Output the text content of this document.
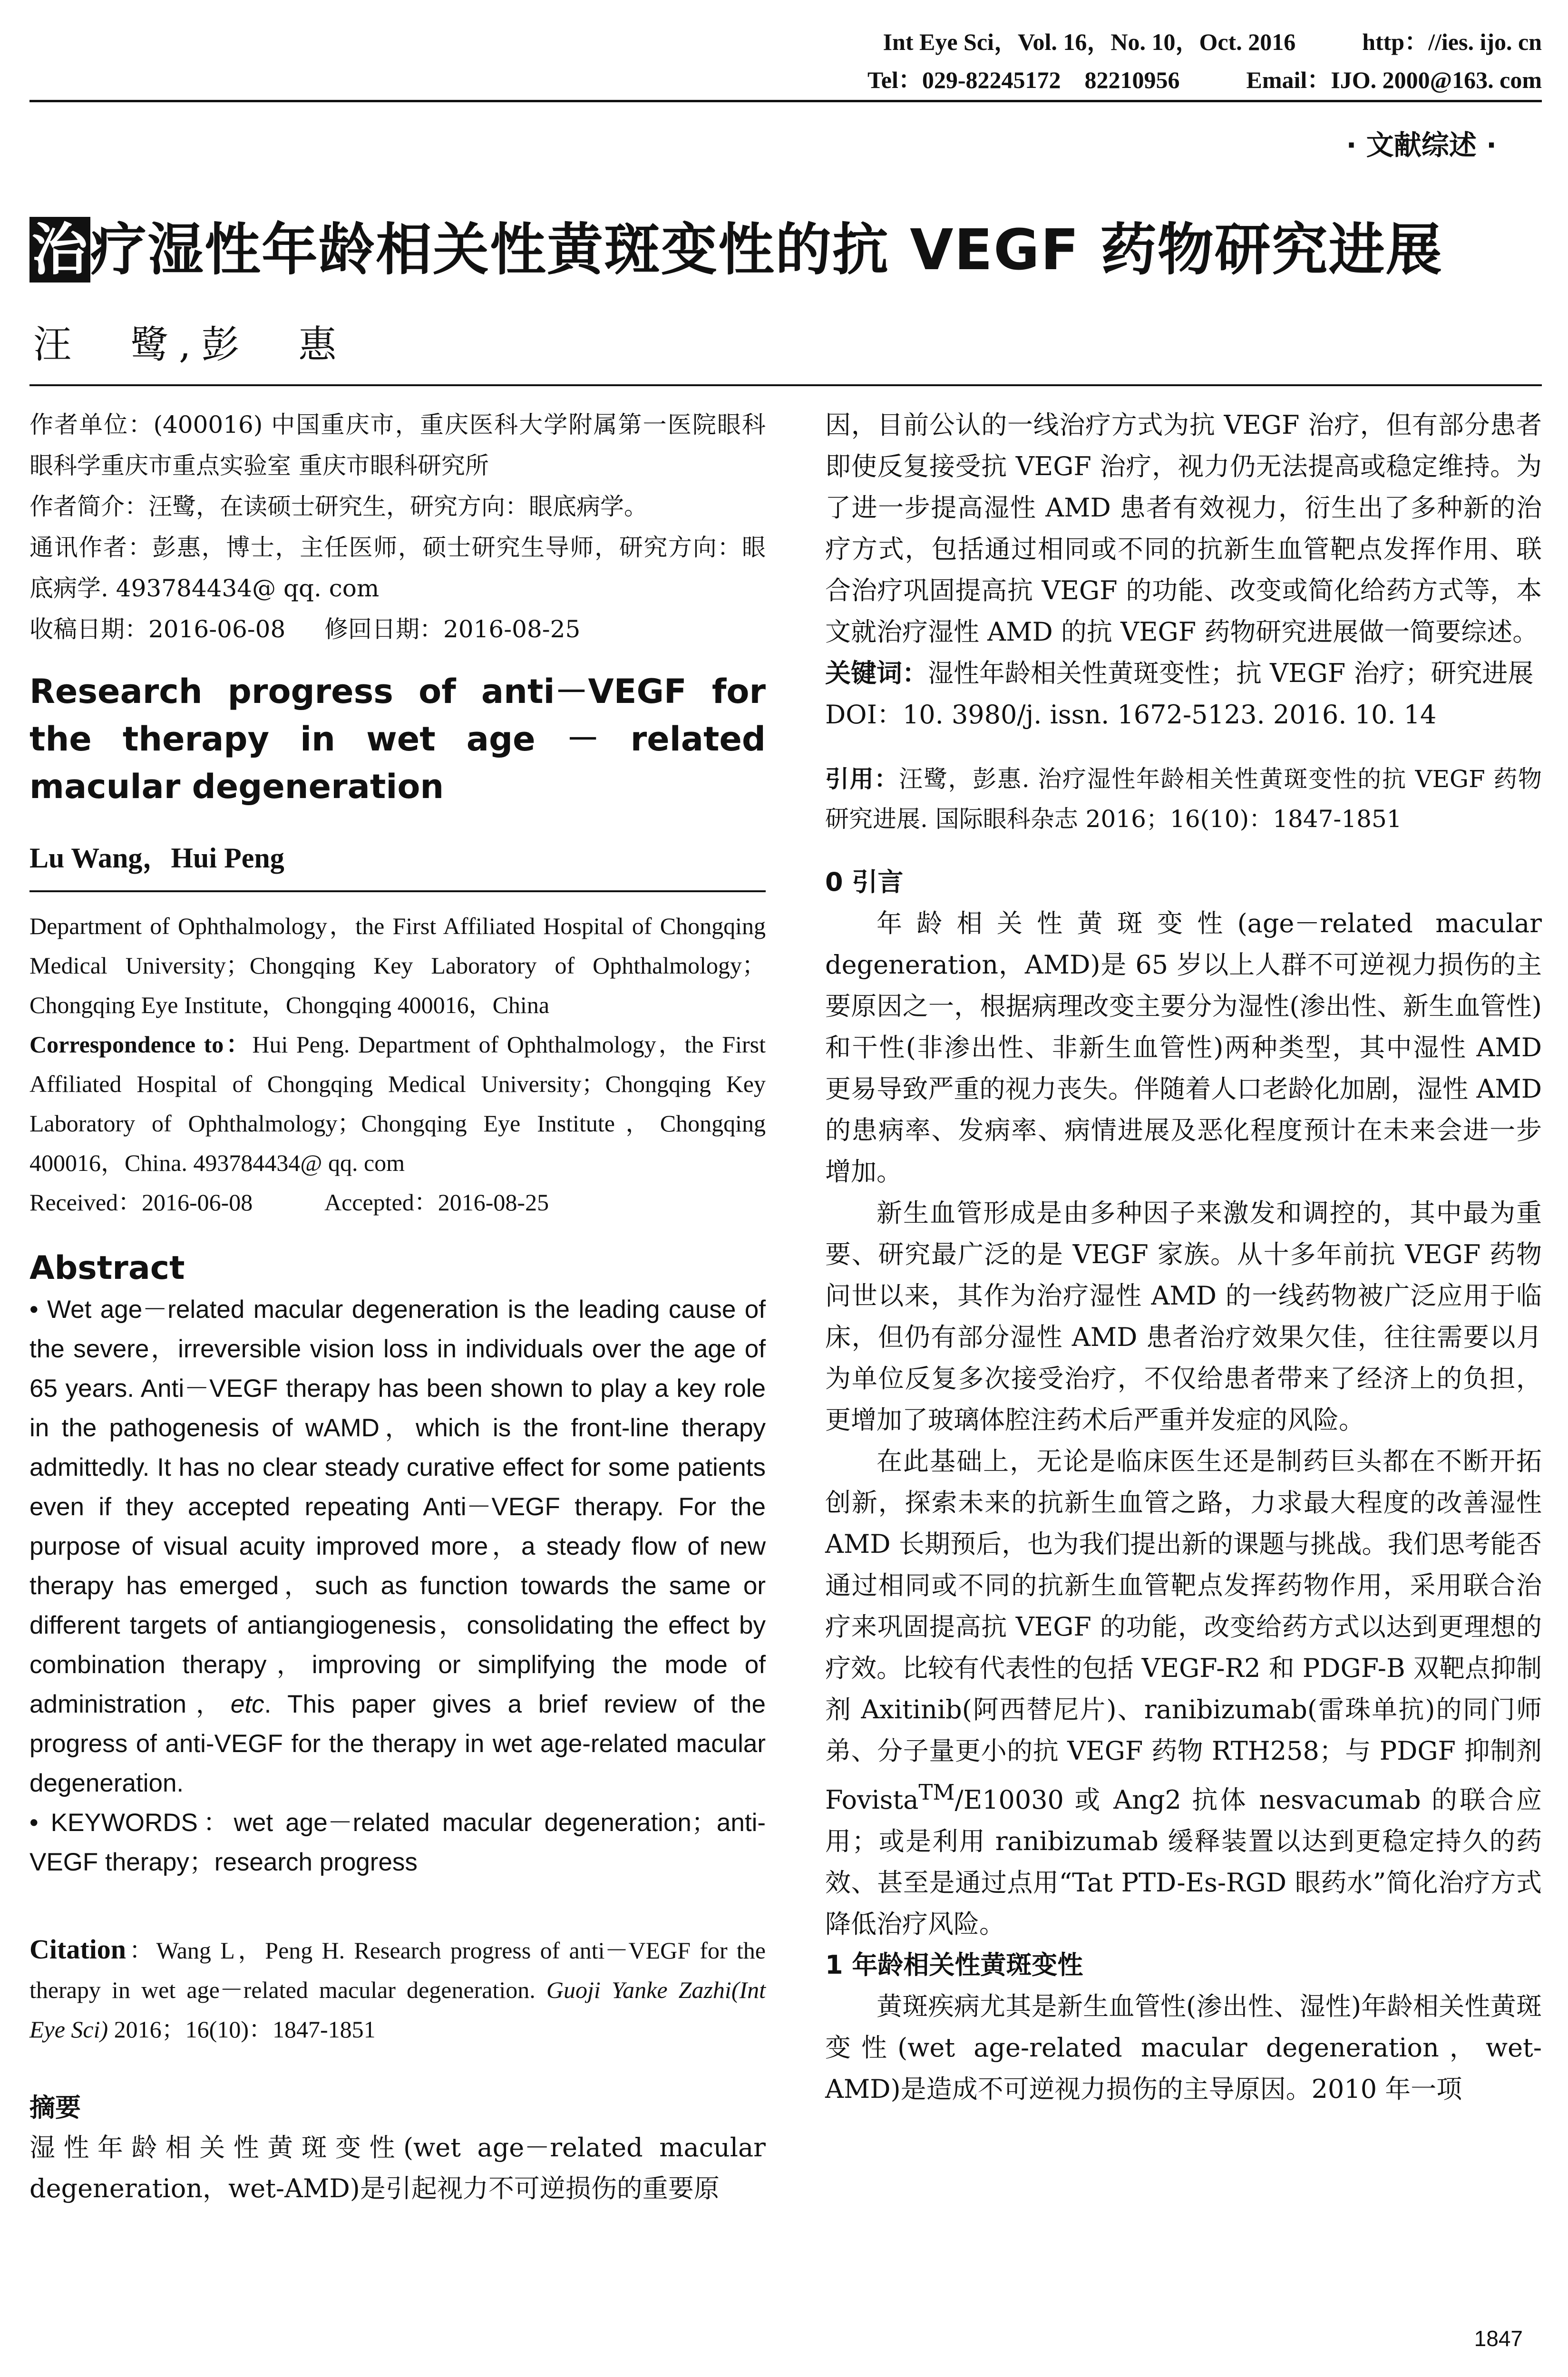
Int Eye Sci，Vol. 16，No. 10，Oct. 2016	http：//ies. ijo. cn
Tel：029-82245172　82210956	Email：IJO. 2000@163. com
· 文献综述 ·
治疗湿性年龄相关性黄斑变性的抗 VEGF 药物研究进展
汪　鹭,彭　惠

作者单位：(400016) 中国重庆市，重庆医科大学附属第一医院眼科 眼科学重庆市重点实验室 重庆市眼科研究所

作者简介：汪鹭，在读硕士研究生，研究方向：眼底病学。

通讯作者：彭惠，博士，主任医师，硕士研究生导师，研究方向：眼底病学. 493784434@ qq. com

收稿日期：2016-06-08	修回日期：2016-08-25

Research progress of anti－VEGF for the therapy in wet age － related macular degeneration
Lu Wang，Hui Peng

Department of Ophthalmology，the First Affiliated Hospital of Chongqing Medical University；Chongqing Key Laboratory of Ophthalmology；Chongqing Eye Institute，Chongqing 400016，China

Correspondence to：Hui Peng. Department of Ophthalmology，the First Affiliated Hospital of Chongqing Medical University；Chongqing Key Laboratory of Ophthalmology；Chongqing Eye Institute，Chongqing 400016，China. 493784434@ qq. com

Received：2016-06-08	Accepted：2016-08-25

Abstract

• Wet age－related macular degeneration is the leading cause of the severe，irreversible vision loss in individuals over the age of 65 years. Anti－VEGF therapy has been shown to play a key role in the pathogenesis of wAMD，which is the front-line therapy admittedly. It has no clear steady curative effect for some patients even if they accepted repeating Anti－VEGF therapy. For the purpose of visual acuity improved more，a steady flow of new therapy has emerged，such as function towards the same or different targets of antiangiogenesis，consolidating the effect by combination therapy，improving or simplifying the mode of administration，etc. This paper gives a brief review of the progress of anti-VEGF for the therapy in wet age-related macular degeneration.

• KEYWORDS：wet age－related macular degeneration；anti-VEGF therapy；research progress

Citation：Wang L，Peng H. Research progress of anti－VEGF for the therapy in wet age－related macular degeneration. Guoji Yanke Zazhi(Int Eye Sci) 2016；16(10)：1847-1851

摘要

湿性年龄相关性黄斑变性(wet age－related macular degeneration，wet-AMD)是引起视力不可逆损伤的重要原

因，目前公认的一线治疗方式为抗 VEGF 治疗，但有部分患者即使反复接受抗 VEGF 治疗，视力仍无法提高或稳定维持。为了进一步提高湿性 AMD 患者有效视力，衍生出了多种新的治疗方式，包括通过相同或不同的抗新生血管靶点发挥作用、联合治疗巩固提高抗 VEGF 的功能、改变或简化给药方式等，本文就治疗湿性 AMD 的抗 VEGF 药物研究进展做一简要综述。

关键词：湿性年龄相关性黄斑变性；抗 VEGF 治疗；研究进展

DOI：10. 3980/j. issn. 1672-5123. 2016. 10. 14

引用：汪鹭，彭惠. 治疗湿性年龄相关性黄斑变性的抗 VEGF 药物研究进展. 国际眼科杂志 2016；16(10)：1847-1851

0 引言

年龄相关性黄斑变性(age－related macular degeneration，AMD)是 65 岁以上人群不可逆视力损伤的主要原因之一，根据病理改变主要分为湿性(渗出性、新生血管性)和干性(非渗出性、非新生血管性)两种类型，其中湿性 AMD 更易导致严重的视力丧失。伴随着人口老龄化加剧，湿性 AMD 的患病率、发病率、病情进展及恶化程度预计在未来会进一步增加。

新生血管形成是由多种因子来激发和调控的，其中最为重要、研究最广泛的是 VEGF 家族。从十多年前抗 VEGF 药物问世以来，其作为治疗湿性 AMD 的一线药物被广泛应用于临床，但仍有部分湿性 AMD 患者治疗效果欠佳，往往需要以月为单位反复多次接受治疗，不仅给患者带来了经济上的负担，更增加了玻璃体腔注药术后严重并发症的风险。

在此基础上，无论是临床医生还是制药巨头都在不断开拓创新，探索未来的抗新生血管之路，力求最大程度的改善湿性 AMD 长期预后，也为我们提出新的课题与挑战。我们思考能否通过相同或不同的抗新生血管靶点发挥药物作用，采用联合治疗来巩固提高抗 VEGF 的功能，改变给药方式以达到更理想的疗效。比较有代表性的包括 VEGF-R2 和 PDGF-B 双靶点抑制剂 Axitinib(阿西替尼片)、ranibizumab(雷珠单抗)的同门师弟、分子量更小的抗 VEGF 药物 RTH258；与 PDGF 抑制剂 Fovista™/E10030 或 Ang2 抗体 nesvacumab 的联合应用；或是利用 ranibizumab 缓释装置以达到更稳定持久的药效、甚至是通过点用“Tat PTD-Es-RGD 眼药水”简化治疗方式降低治疗风险。

1 年龄相关性黄斑变性

黄斑疾病尤其是新生血管性(渗出性、湿性)年龄相关性黄斑变性(wet age-related macular degeneration，wet-AMD)是造成不可逆视力损伤的主导原因。2010 年一项

1847
